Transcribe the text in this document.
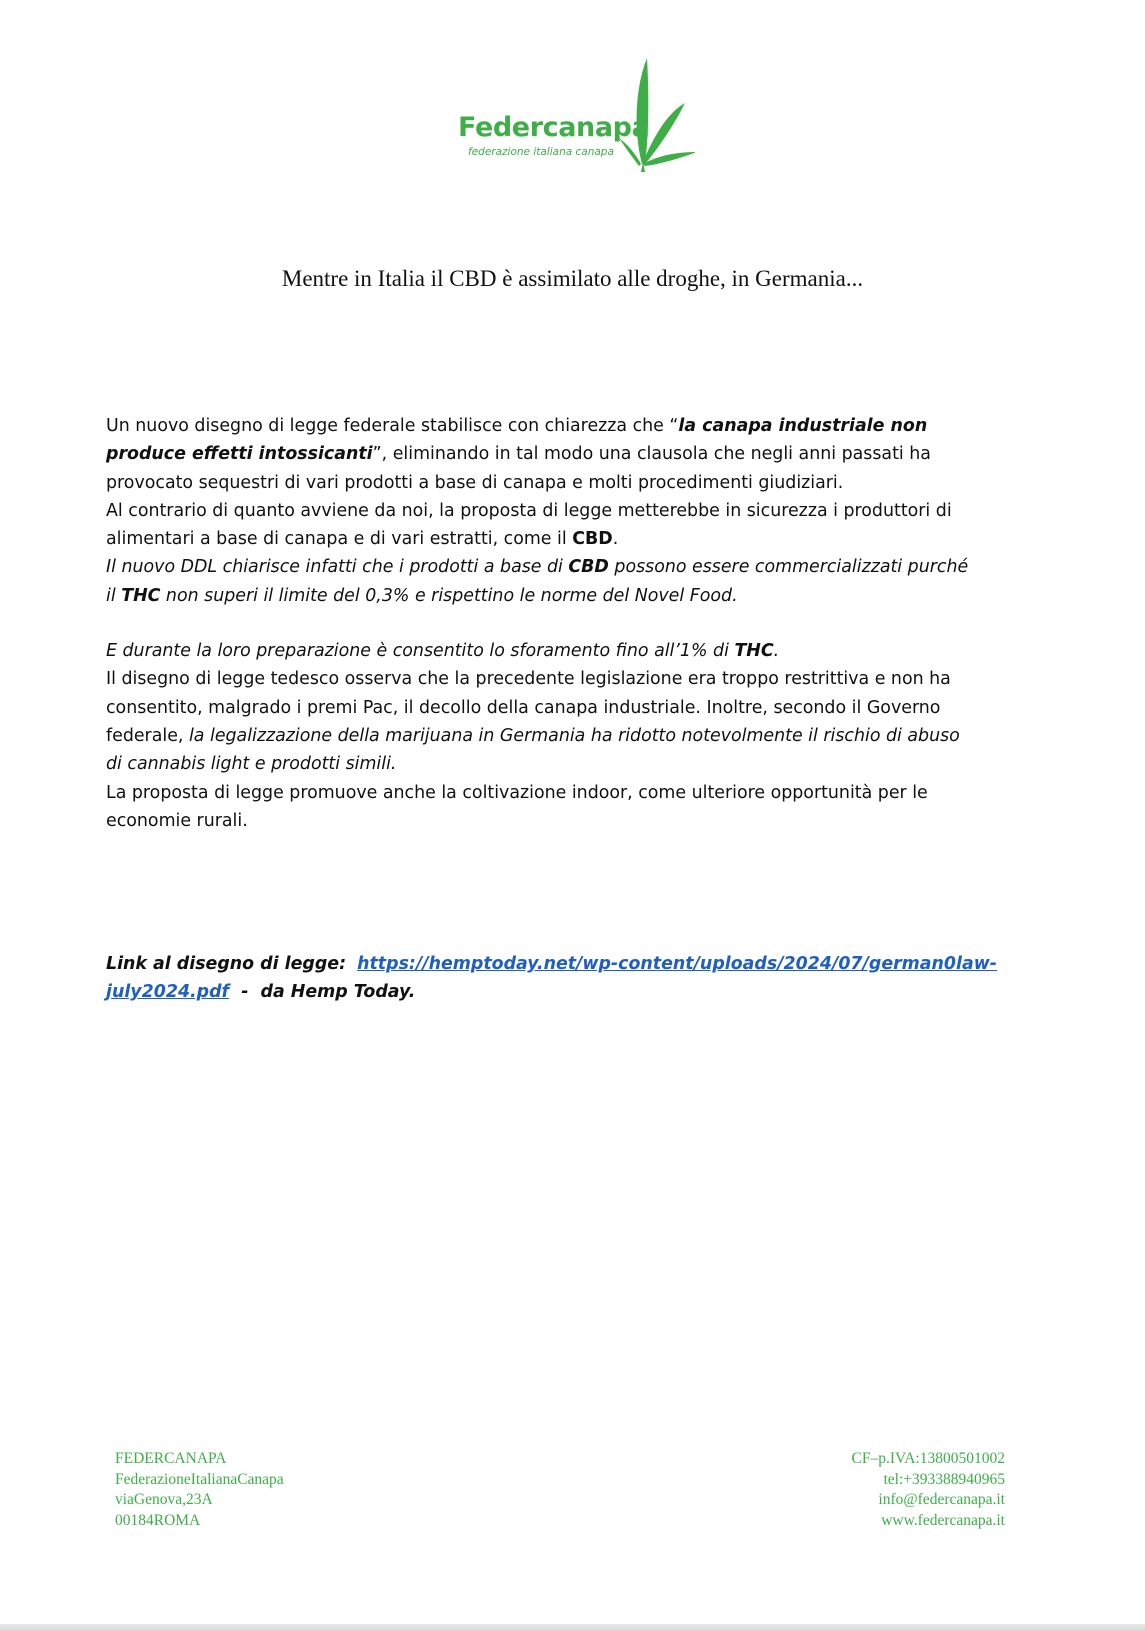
Federcanapa
federazione italiana canapa
Mentre in Italia il CBD è assimilato alle droghe, in Germania...
Un nuovo disegno di legge federale stabilisce con chiarezza che “la canapa industriale non
produce effetti intossicanti”, eliminando in tal modo una clausola che negli anni passati ha
provocato sequestri di vari prodotti a base di canapa e molti procedimenti giudiziari.
Al contrario di quanto avviene da noi, la proposta di legge metterebbe in sicurezza i produttori di
alimentari a base di canapa e di vari estratti, come il CBD.
Il nuovo DDL chiarisce infatti che i prodotti a base di CBD possono essere commercializzati purché
il THC non superi il limite del 0,3% e rispettino le norme del Novel Food.
E durante la loro preparazione è consentito lo sforamento fino all’1% di THC.
Il disegno di legge tedesco osserva che la precedente legislazione era troppo restrittiva e non ha
consentito, malgrado i premi Pac, il decollo della canapa industriale. Inoltre, secondo il Governo
federale, la legalizzazione della marijuana in Germania ha ridotto notevolmente il rischio di abuso
di cannabis light e prodotti simili.
La proposta di legge promuove anche la coltivazione indoor, come ulteriore opportunità per le
economie rurali.
Link al disegno di legge: https://hemptoday.net/wp-content/uploads/2024/07/german0law-
july2024.pdf  -  da Hemp Today.
FEDERCANAPA
FederazioneItalianaCanapa
viaGenova,23A
00184ROMA
CF–p.IVA:13800501002
tel:+393388940965
info@federcanapa.it
www.federcanapa.it
